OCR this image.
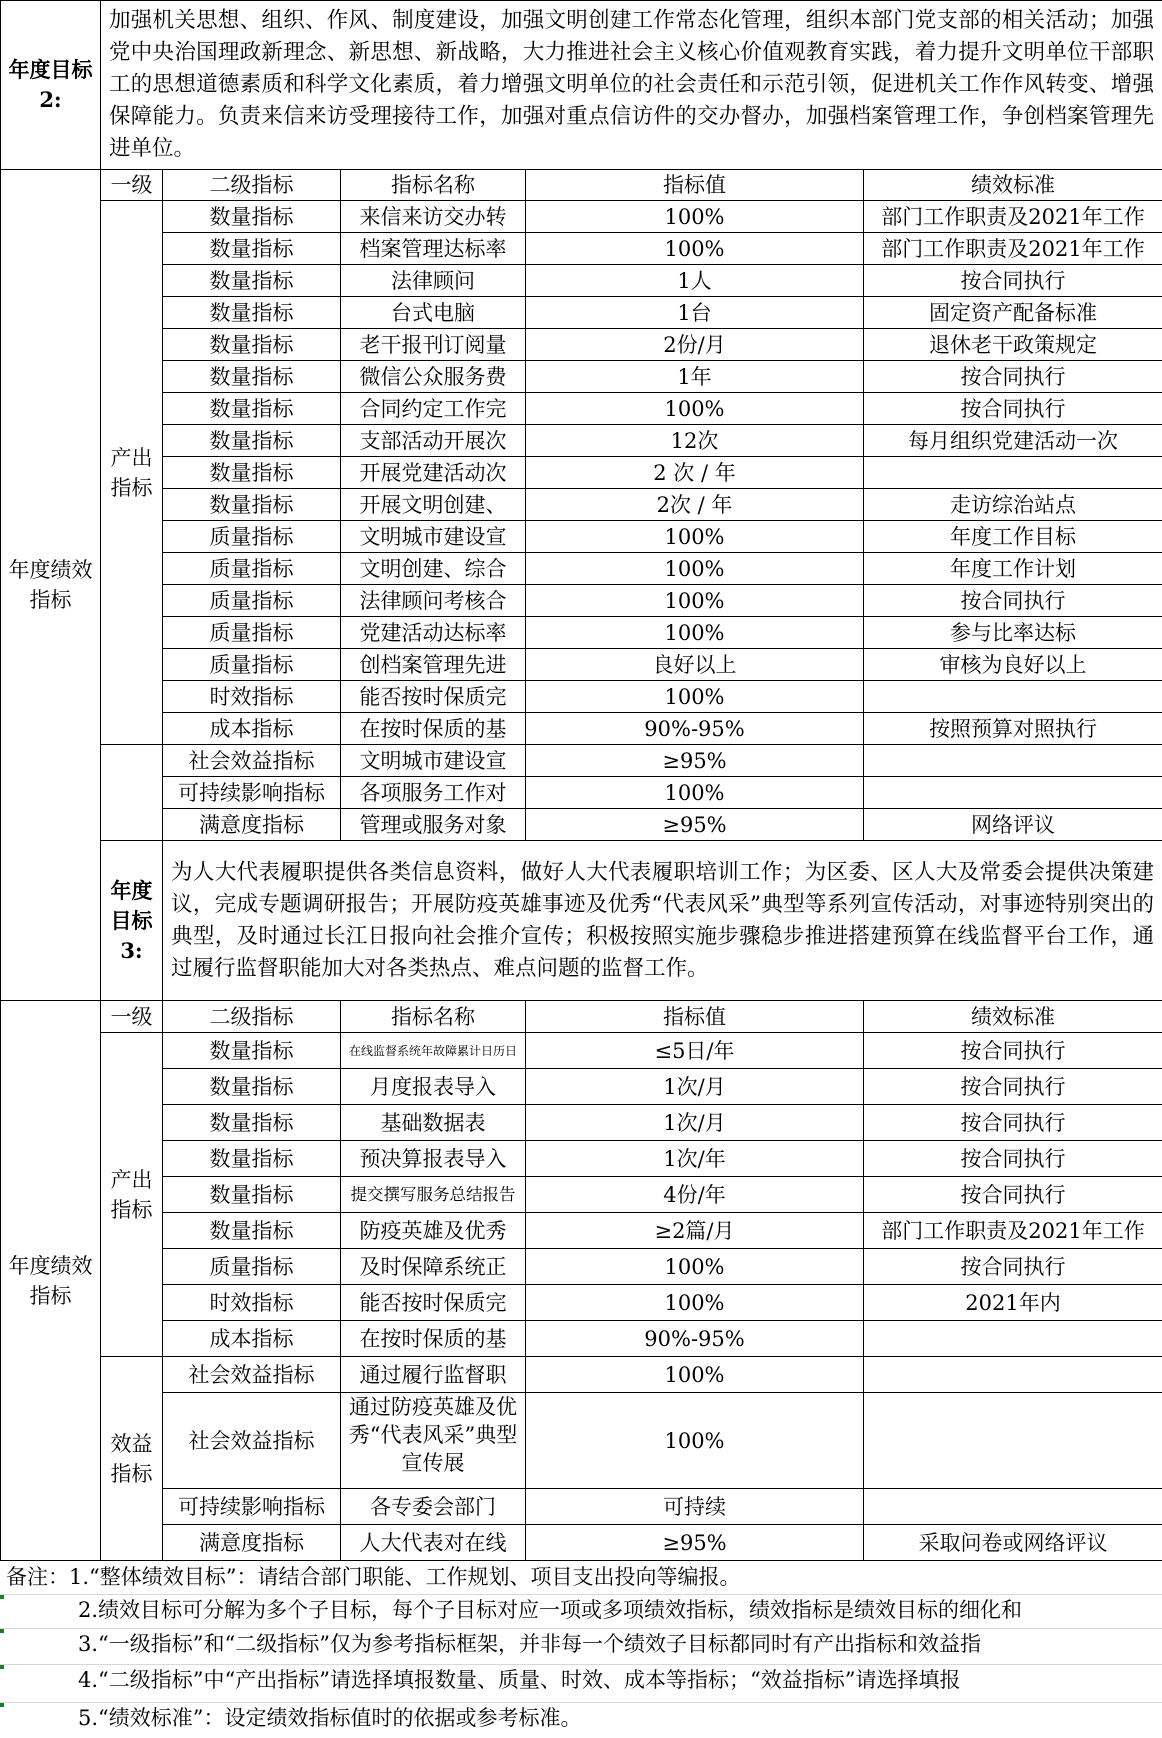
年度目标2:	加强机关思想、组织、作风、制度建设，加强文明创建工作常态化管理，组织本部门党支部的相关活动；加强党中央治国理政新理念、新思想、新战略，大力推进社会主义核心价值观教育实践，着力提升文明单位干部职工的思想道德素质和科学文化素质，着力增强文明单位的社会责任和示范引领，促进机关工作作风转变、增强保障能力。负责来信来访受理接待工作，加强对重点信访件的交办督办，加强档案管理工作，争创档案管理先进单位。				
年度绩效指标	一级	二级指标	指标名称	指标值	绩效标准
	产出指标	数量指标	来信来访交办转	100%	部门工作职责及2021年工作
		数量指标	档案管理达标率	100%	部门工作职责及2021年工作
		数量指标	法律顾问	1人	按合同执行
		数量指标	台式电脑	1台	固定资产配备标准
		数量指标	老干报刊订阅量	2份/月	退休老干政策规定
		数量指标	微信公众服务费	1年	按合同执行
		数量指标	合同约定工作完	100%	按合同执行
		数量指标	支部活动开展次	12次	每月组织党建活动一次
		数量指标	开展党建活动次	2 次 / 年	
		数量指标	开展文明创建、	2次 / 年	走访综治站点
		质量指标	文明城市建设宣	100%	年度工作目标
		质量指标	文明创建、综合	100%	年度工作计划
		质量指标	法律顾问考核合	100%	按合同执行
		质量指标	党建活动达标率	100%	参与比率达标
		质量指标	创档案管理先进	良好以上	审核为良好以上
		时效指标	能否按时保质完	100%	
		成本指标	在按时保质的基	90%-95%	按照预算对照执行
		社会效益指标	文明城市建设宣	≥95%	
		可持续影响指标	各项服务工作对	100%	
		满意度指标	管理或服务对象	≥95%	网络评议
	年度目标3:	为人大代表履职提供各类信息资料，做好人大代表履职培训工作；为区委、区人大及常委会提供决策建议，完成专题调研报告；开展防疫英雄事迹及优秀“代表风采”典型等系列宣传活动，对事迹特别突出的典型，及时通过长江日报向社会推介宣传；积极按照实施步骤稳步推进搭建预算在线监督平台工作，通过履行监督职能加大对各类热点、难点问题的监督工作。			
年度绩效指标	一级	二级指标	指标名称	指标值	绩效标准
	产出指标	数量指标	在线监督系统年故障累计日历日	≤5日/年	按合同执行
		数量指标	月度报表导入	1次/月	按合同执行
		数量指标	基础数据表	1次/月	按合同执行
		数量指标	预决算报表导入	1次/年	按合同执行
		数量指标	提交撰写服务总结报告	4份/年	按合同执行
		数量指标	防疫英雄及优秀	≥2篇/月	部门工作职责及2021年工作
		质量指标	及时保障系统正	100%	按合同执行
		时效指标	能否按时保质完	100%	2021年内
		成本指标	在按时保质的基	90%-95%	
	效益指标	社会效益指标	通过履行监督职	100%	
		社会效益指标	通过防疫英雄及优秀“代表风采”典型宣传展	100%	
		可持续影响指标	各专委会部门	可持续	
		满意度指标	人大代表对在线	≥95%	采取问卷或网络评议
备注：1.“整体绩效目标”：请结合部门职能、工作规划、项目支出投向等编报。
2.绩效目标可分解为多个子目标，每个子目标对应一项或多项绩效指标，绩效指标是绩效目标的细化和
3.“一级指标”和“二级指标”仅为参考指标框架，并非每一个绩效子目标都同时有产出指标和效益指
4.“二级指标”中“产出指标”请选择填报数量、质量、时效、成本等指标；“效益指标”请选择填报
5.“绩效标准”：设定绩效指标值时的依据或参考标准。
